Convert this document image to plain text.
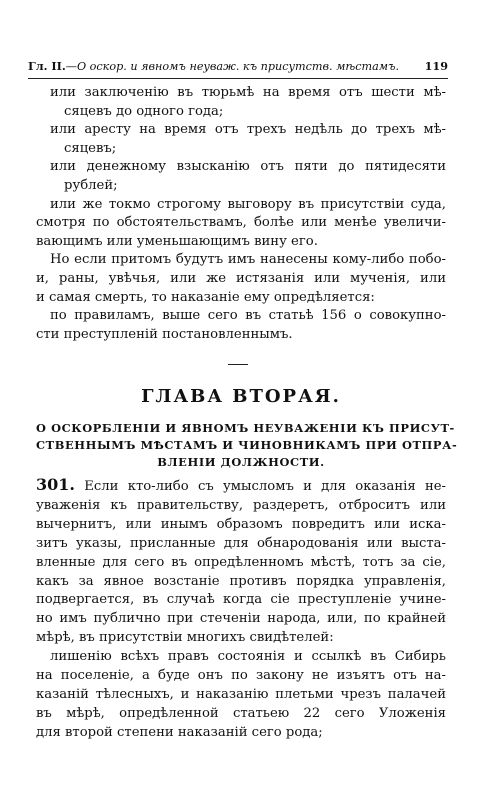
Гл. II.—О оскор. и явномъ неуваж. къ присутств. мѣстамъ. 119
или заключенію въ тюрьмѣ на время отъ шести мѣ-
сяцевъ до одного года;
или аресту на время отъ трехъ недѣль до трехъ мѣ-
сяцевъ;
или денежному взысканію отъ пяти до пятидесяти
рублей;
или же токмо строгому выговору въ присутствіи суда,
смотря по обстоятельствамъ, болѣе или менѣе увеличи-
вающимъ или уменьшающимъ вину его.
Но если притомъ будутъ имъ нанесены кому-либо побо-
и, раны, увѣчья, или же истязанія или мученія, или
и самая смерть, то наказаніе ему опредѣляется:
по правиламъ, выше сего въ статьѣ 156 о совокупно-
сти преступленій постановленнымъ.
ГЛАВА ВТОРАЯ.
О ОСКОРБЛЕНІИ И ЯВНОМЪ НЕУВАЖЕНІИ КЪ ПРИСУТ-
СТВЕННЫМЪ МѢСТАМЪ И ЧИНОВНИКАМЪ ПРИ ОТПРА-
ВЛЕНІИ ДОЛЖНОСТИ.
301. Если кто-либо съ умысломъ и для оказанія не-
уваженія къ правительству, раздеретъ, отброситъ или
вычернитъ, или инымъ образомъ повредитъ или искa-
зитъ указы, присланные для обнародованія или выста-
вленные для сего въ опредѣленномъ мѣстѣ, тотъ за сіе,
какъ за явное возстаніе противъ порядка управленія,
подвергается, въ случаѣ когда сіе преступленіе учине-
но имъ публично при стеченіи народа, или, по крайней
мѣрѣ, въ присутствіи многихъ свидѣтелей:
лишенію всѣхъ правъ состоянія и ссылкѣ въ Сибирь
на поселеніе, а буде онъ по закону не изъятъ отъ на-
казаній тѣлесныхъ, и наказанію плетьми чрезъ палачей
въ мѣрѣ, опредѣленной статьею 22 сего Уложенія
для второй степени наказаній сего рода;
